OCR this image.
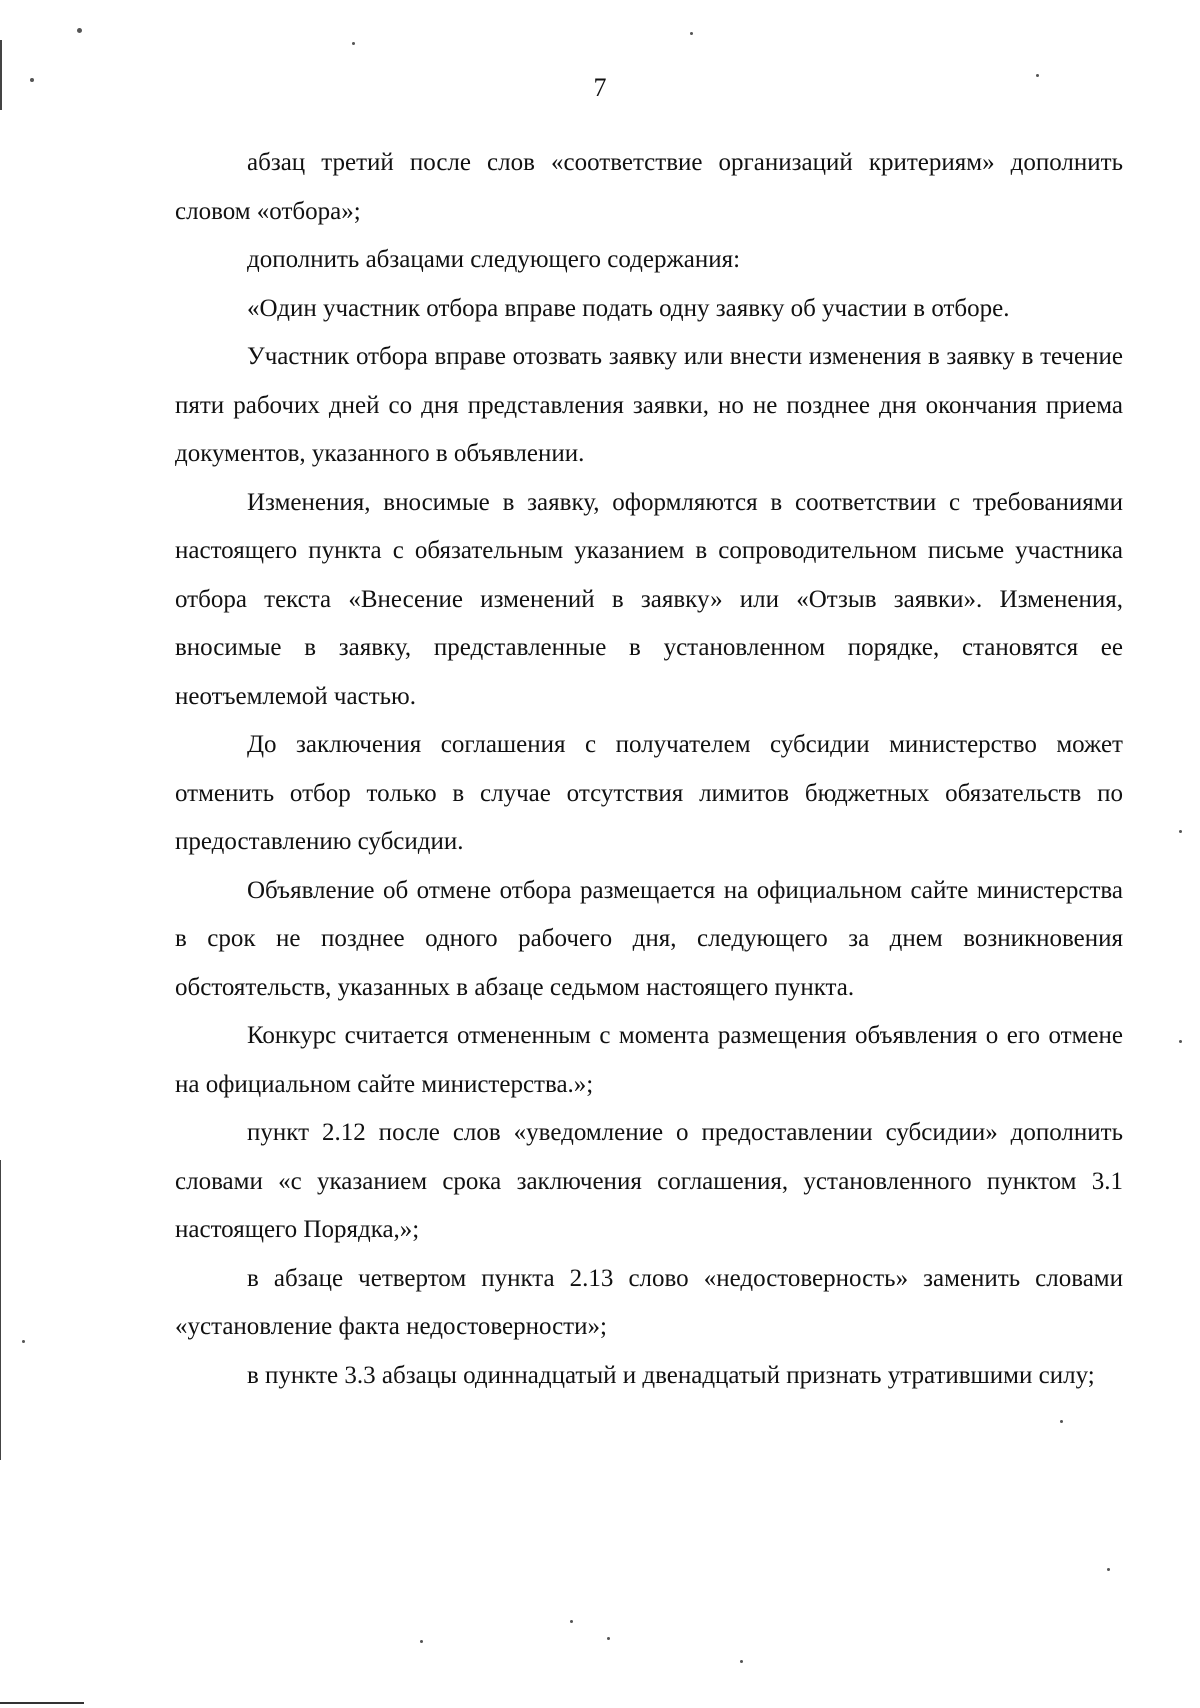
7

абзац третий после слов «соответствие организаций критериям» дополнить словом «отбора»;

дополнить абзацами следующего содержания:

«Один участник отбора вправе подать одну заявку об участии в отборе.

Участник отбора вправе отозвать заявку или внести изменения в заявку в течение пяти рабочих дней со дня представления заявки, но не позднее дня окончания приема документов, указанного в объявлении.

Изменения, вносимые в заявку, оформляются в соответствии с требованиями настоящего пункта с обязательным указанием в сопроводительном письме участника отбора текста «Внесение изменений в заявку» или «Отзыв заявки». Изменения, вносимые в заявку, представленные в установленном порядке, становятся ее неотъемлемой частью.

До заключения соглашения с получателем субсидии министерство может отменить отбор только в случае отсутствия лимитов бюджетных обязательств по предоставлению субсидии.

Объявление об отмене отбора размещается на официальном сайте министерства в срок не позднее одного рабочего дня, следующего за днем возникновения обстоятельств, указанных в абзаце седьмом настоящего пункта.

Конкурс считается отмененным с момента размещения объявления о его отмене на официальном сайте министерства.»;

пункт 2.12 после слов «уведомление о предоставлении субсидии» дополнить словами «с указанием срока заключения соглашения, установленного пунктом 3.1 настоящего Порядка,»;

в абзаце четвертом пункта 2.13 слово «недостоверность» заменить словами «установление факта недостоверности»;

в пункте 3.3 абзацы одиннадцатый и двенадцатый признать утратившими силу;
